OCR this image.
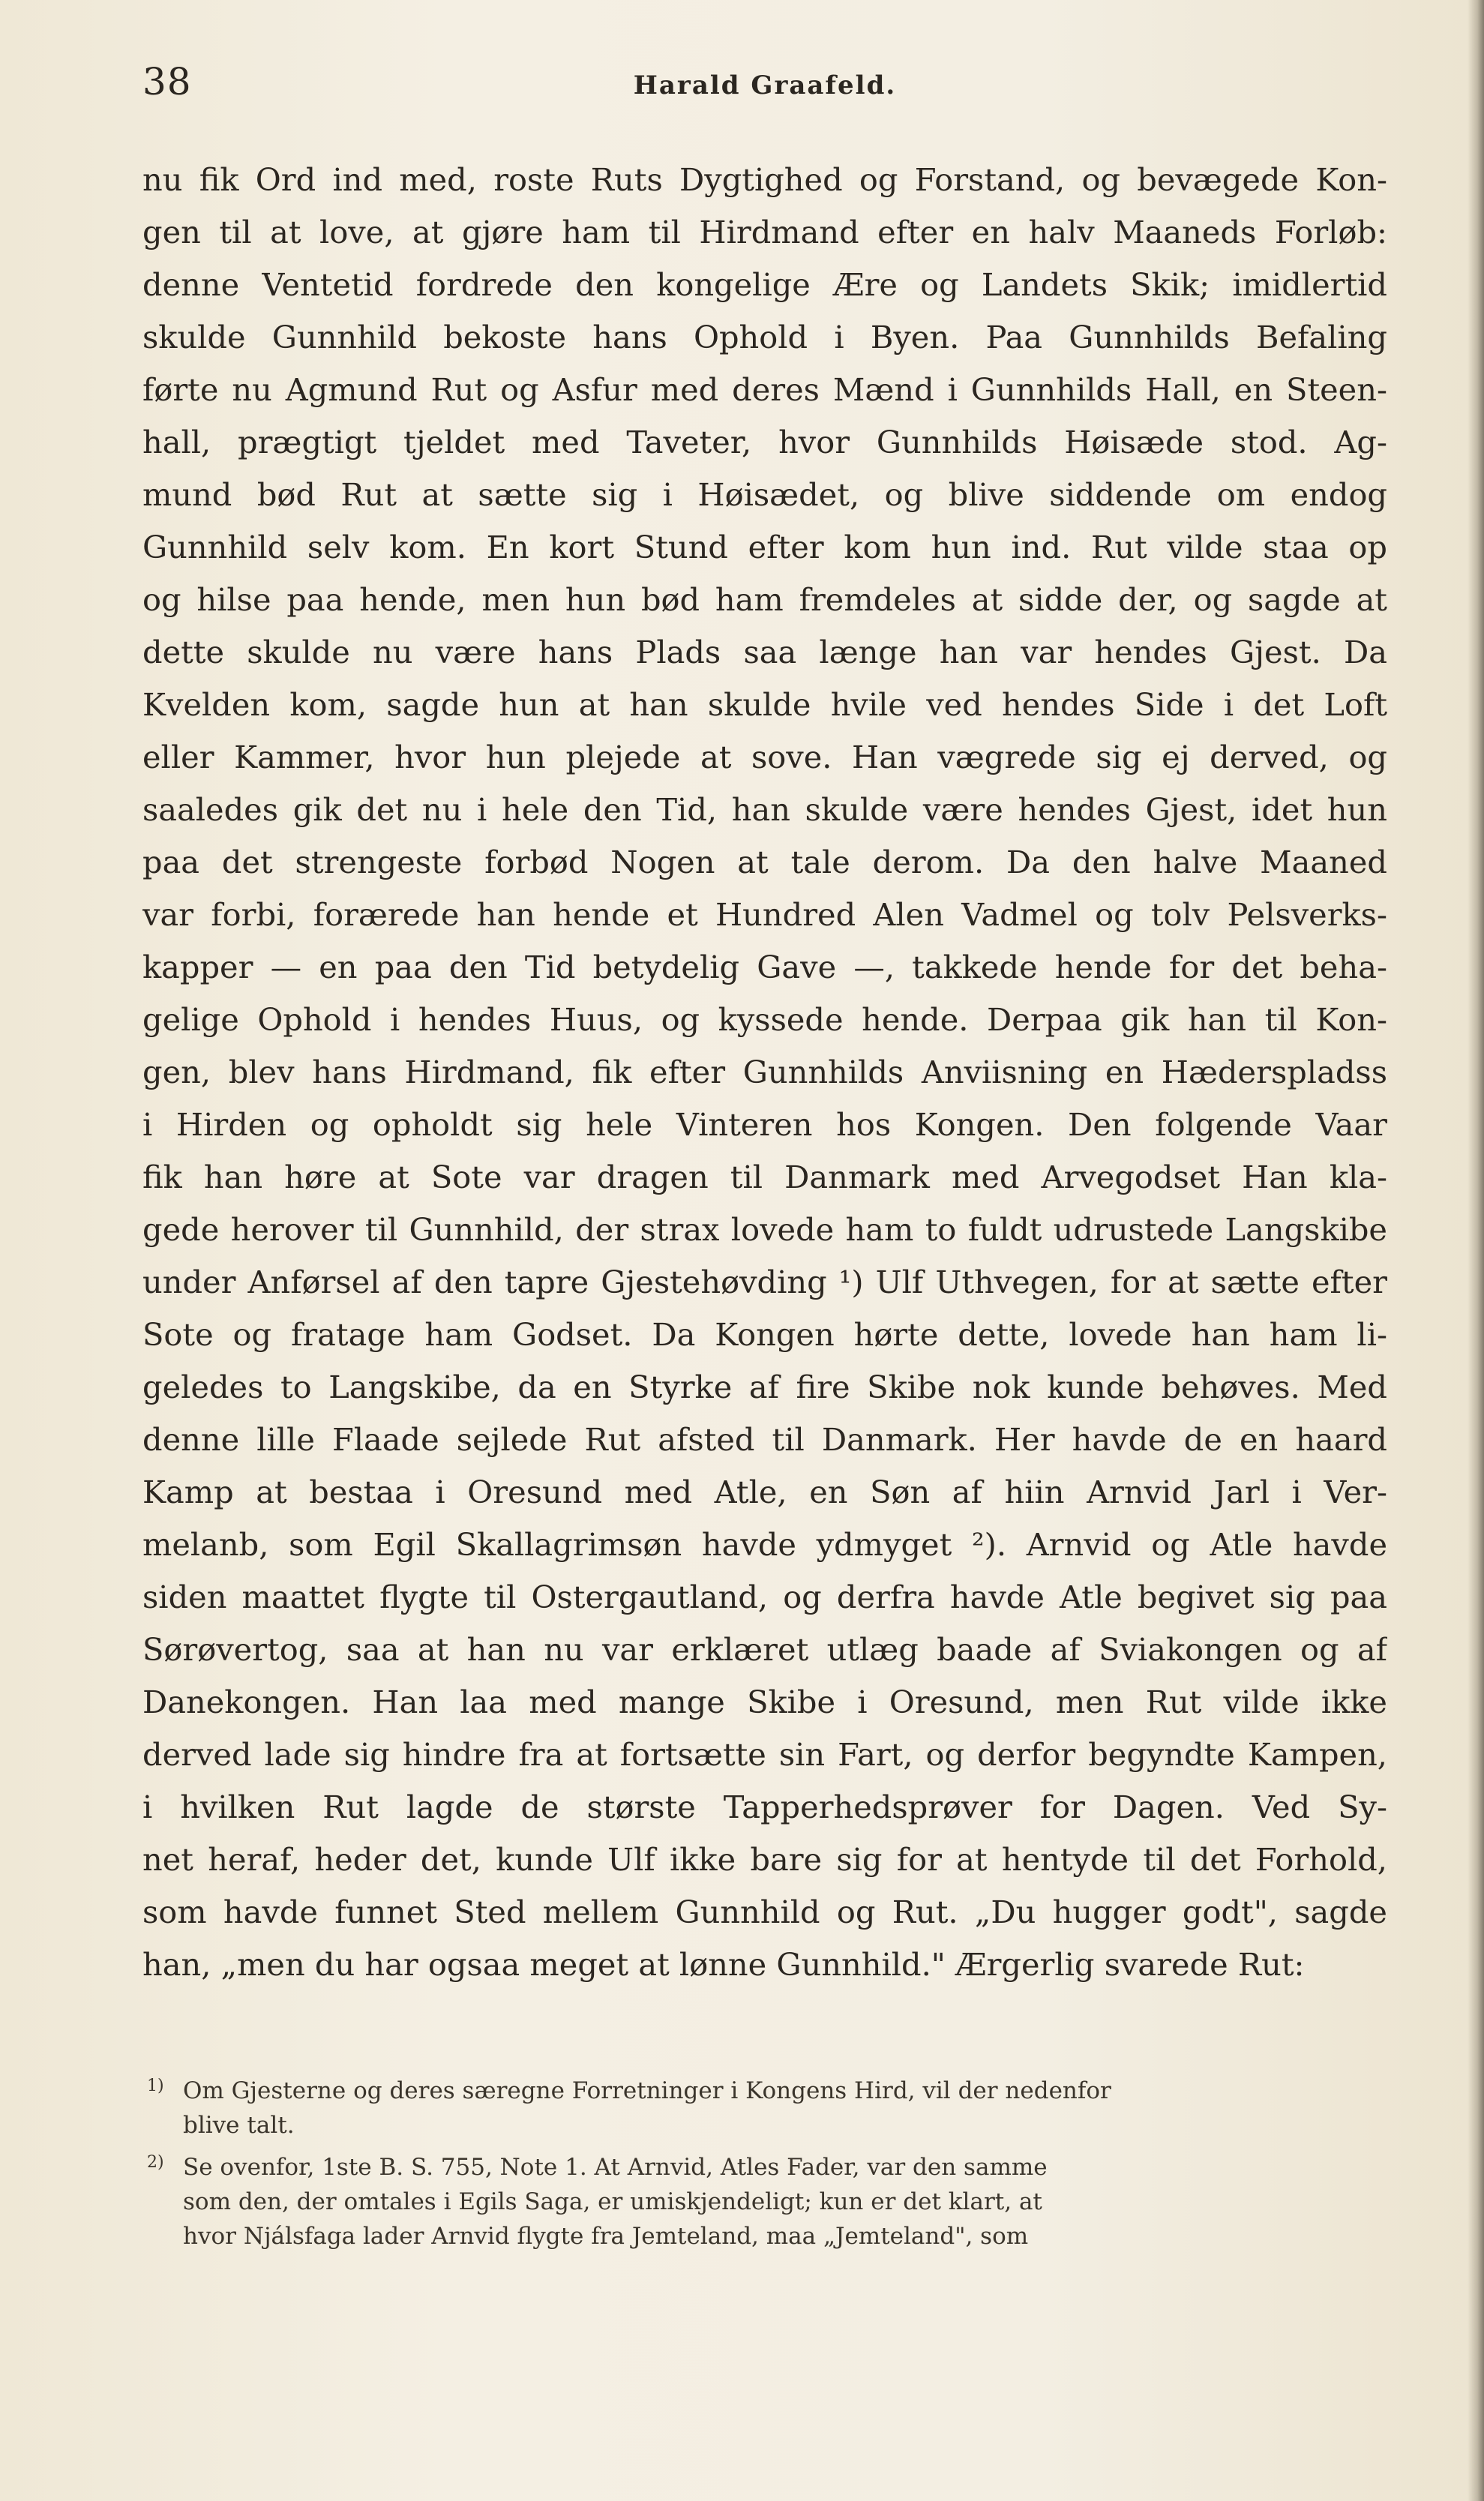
38	Harald Graafeld.
nu fik Ord ind med, roste Ruts Dygtighed og Forstand, og bevægede Kon-
gen til at love, at gjøre ham til Hirdmand efter en halv Maaneds Forløb:
denne Ventetid fordrede den kongelige Ære og Landets Skik; imidlertid
skulde Gunnhild bekoste hans Ophold i Byen. Paa Gunnhilds Befaling
førte nu Agmund Rut og Asfur med deres Mænd i Gunnhilds Hall, en Steen-
hall, prægtigt tjeldet med Taveter, hvor Gunnhilds Høisæde stod. Ag-
mund bød Rut at sætte sig i Høisædet, og blive siddende om endog
Gunnhild selv kom. En kort Stund efter kom hun ind. Rut vilde staa op
og hilse paa hende, men hun bød ham fremdeles at sidde der, og sagde at
dette skulde nu være hans Plads saa længe han var hendes Gjest. Da
Kvelden kom, sagde hun at han skulde hvile ved hendes Side i det Loft
eller Kammer, hvor hun plejede at sove. Han vægrede sig ej derved, og
saaledes gik det nu i hele den Tid, han skulde være hendes Gjest, idet hun
paa det strengeste forbød Nogen at tale derom. Da den halve Maaned
var forbi, forærede han hende et Hundred Alen Vadmel og tolv Pelsverks-
kapper — en paa den Tid betydelig Gave —, takkede hende for det beha-
gelige Ophold i hendes Huus, og kyssede hende. Derpaa gik han til Kon-
gen, blev hans Hirdmand, fik efter Gunnhilds Anviisning en Hæderspladss
i Hirden og opholdt sig hele Vinteren hos Kongen. Den folgende Vaar
fik han høre at Sote var dragen til Danmark med Arvegodset Han kla-
gede herover til Gunnhild, der strax lovede ham to fuldt udrustede Langskibe
under Anførsel af den tapre Gjestehøvding ¹) Ulf Uthvegen, for at sætte efter
Sote og fratage ham Godset. Da Kongen hørte dette, lovede han ham li-
geledes to Langskibe, da en Styrke af fire Skibe nok kunde behøves. Med
denne lille Flaade sejlede Rut afsted til Danmark. Her havde de en haard
Kamp at bestaa i Oresund med Atle, en Søn af hiin Arnvid Jarl i Ver-
melanb, som Egil Skallagrimsøn havde ydmyget ²). Arnvid og Atle havde
siden maattet flygte til Ostergautland, og derfra havde Atle begivet sig paa
Sørøvertog, saa at han nu var erklæret utlæg baade af Sviakongen og af
Danekongen. Han laa med mange Skibe i Oresund, men Rut vilde ikke
derved lade sig hindre fra at fortsætte sin Fart, og derfor begyndte Kampen,
i hvilken Rut lagde de største Tapperhedsprøver for Dagen. Ved Sy-
net heraf, heder det, kunde Ulf ikke bare sig for at hentyde til det Forhold,
som havde funnet Sted mellem Gunnhild og Rut. „Du hugger godt", sagde
han, „men du har ogsaa meget at lønne Gunnhild." Ærgerlig svarede Rut:
1) Om Gjesterne og deres særegne Forretninger i Kongens Hird, vil der nedenfor
blive talt.
2) Se ovenfor, 1ste B. S. 755, Note 1. At Arnvid, Atles Fader, var den samme
som den, der omtales i Egils Saga, er umiskjendeligt; kun er det klart, at
hvor Njálsfaga lader Arnvid flygte fra Jemteland, maa „Jemteland", som
